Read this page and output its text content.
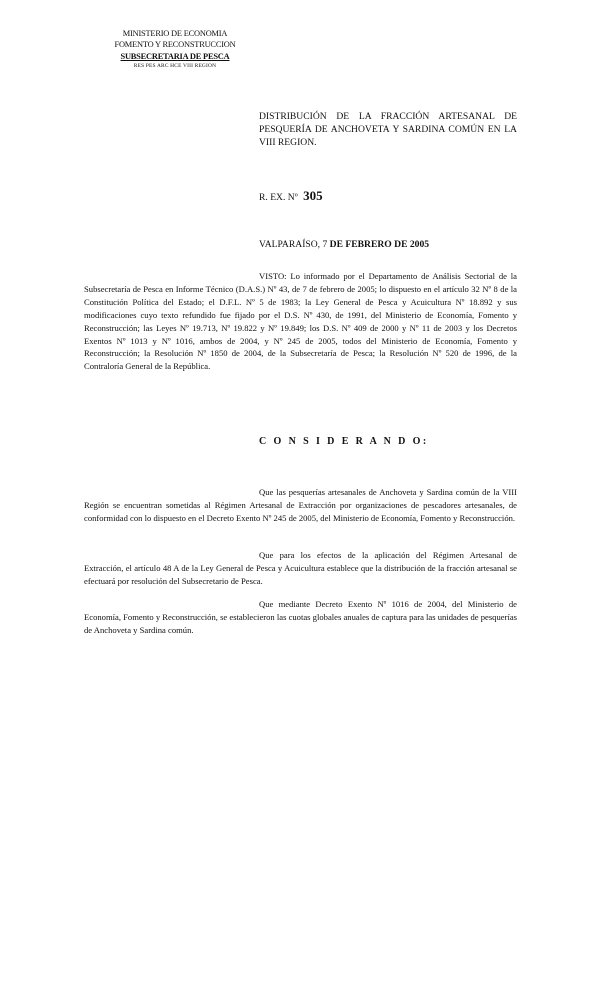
MINISTERIO DE ECONOMIA
FOMENTO Y RECONSTRUCCION
SUBSECRETARIA DE PESCA
RES PES ARC HCE VIII REGION
DISTRIBUCIÓN DE LA FRACCIÓN ARTESANAL DE PESQUERÍA DE ANCHOVETA Y SARDINA COMÚN EN LA VIII REGION.
R. EX. Nº 305
VALPARAÍSO, 7 DE FEBRERO DE 2005
VISTO: Lo informado por el Departamento de Análisis Sectorial de la Subsecretaría de Pesca en Informe Técnico (D.A.S.) Nº 43, de 7 de febrero de 2005; lo dispuesto en el artículo 32 Nº 8 de la Constitución Política del Estado; el D.F.L. Nº 5 de 1983; la Ley General de Pesca y Acuicultura Nº 18.892 y sus modificaciones cuyo texto refundido fue fijado por el D.S. Nº 430, de 1991, del Ministerio de Economía, Fomento y Reconstrucción; las Leyes Nº 19.713, Nº 19.822 y Nº 19.849; los D.S. Nº 409 de 2000 y Nº 11 de 2003 y los Decretos Exentos Nº 1013 y Nº 1016, ambos de 2004, y Nº 245 de 2005, todos del Ministerio de Economía, Fomento y Reconstrucción; la Resolución Nº 1850 de 2004, de la Subsecretaría de Pesca; la Resolución Nº 520 de 1996, de la Contraloría General de la República.
C O N S I D E R A N D O:
Que las pesquerías artesanales de Anchoveta y Sardina común de la VIII Región se encuentran sometidas al Régimen Artesanal de Extracción por organizaciones de pescadores artesanales, de conformidad con lo dispuesto en el Decreto Exento Nº 245 de 2005, del Ministerio de Economía, Fomento y Reconstrucción.
Que para los efectos de la aplicación del Régimen Artesanal de Extracción, el artículo 48 A de la Ley General de Pesca y Acuicultura establece que la distribución de la fracción artesanal se efectuará por resolución del Subsecretario de Pesca.
Que mediante Decreto Exento Nº 1016 de 2004, del Ministerio de Economía, Fomento y Reconstrucción, se establecieron las cuotas globales anuales de captura para las unidades de pesquerías de Anchoveta y Sardina común.
